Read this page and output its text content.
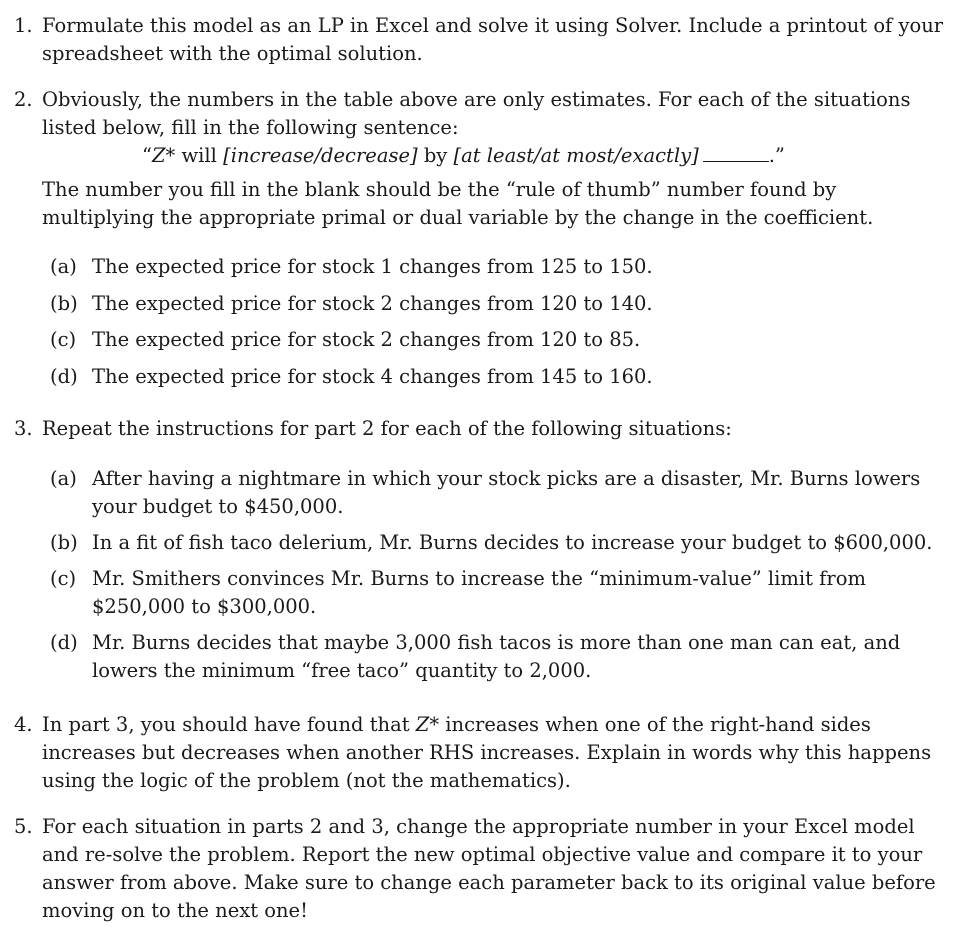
1. Formulate this model as an LP in Excel and solve it using Solver. Include a printout of your spreadsheet with the optimal solution.

2. Obviously, the numbers in the table above are only estimates. For each of the situations listed below, fill in the following sentence:

“Z* will [increase/decrease] by [at least/at most/exactly]	.”

The number you fill in the blank should be the “rule of thumb” number found by multiplying the appropriate primal or dual variable by the change in the coefficient.

(a) The expected price for stock 1 changes from 125 to 150.
(b) The expected price for stock 2 changes from 120 to 140.
(c) The expected price for stock 2 changes from 120 to 85.
(d) The expected price for stock 4 changes from 145 to 160.
3. Repeat the instructions for part 2 for each of the following situations:

(a) After having a nightmare in which your stock picks are a disaster, Mr. Burns lowers your budget to $450,000.
(b) In a fit of fish taco delerium, Mr. Burns decides to increase your budget to $600,000.
(c) Mr. Smithers convinces Mr. Burns to increase the “minimum-value” limit from $250,000 to $300,000.
(d) Mr. Burns decides that maybe 3,000 fish tacos is more than one man can eat, and lowers the minimum “free taco” quantity to 2,000.
4. In part 3, you should have found that Z* increases when one of the right-hand sides increases but decreases when another RHS increases. Explain in words why this happens using the logic of the problem (not the mathematics).

5. For each situation in parts 2 and 3, change the appropriate number in your Excel model and re-solve the problem. Report the new optimal objective value and compare it to your answer from above. Make sure to change each parameter back to its original value before moving on to the next one!
